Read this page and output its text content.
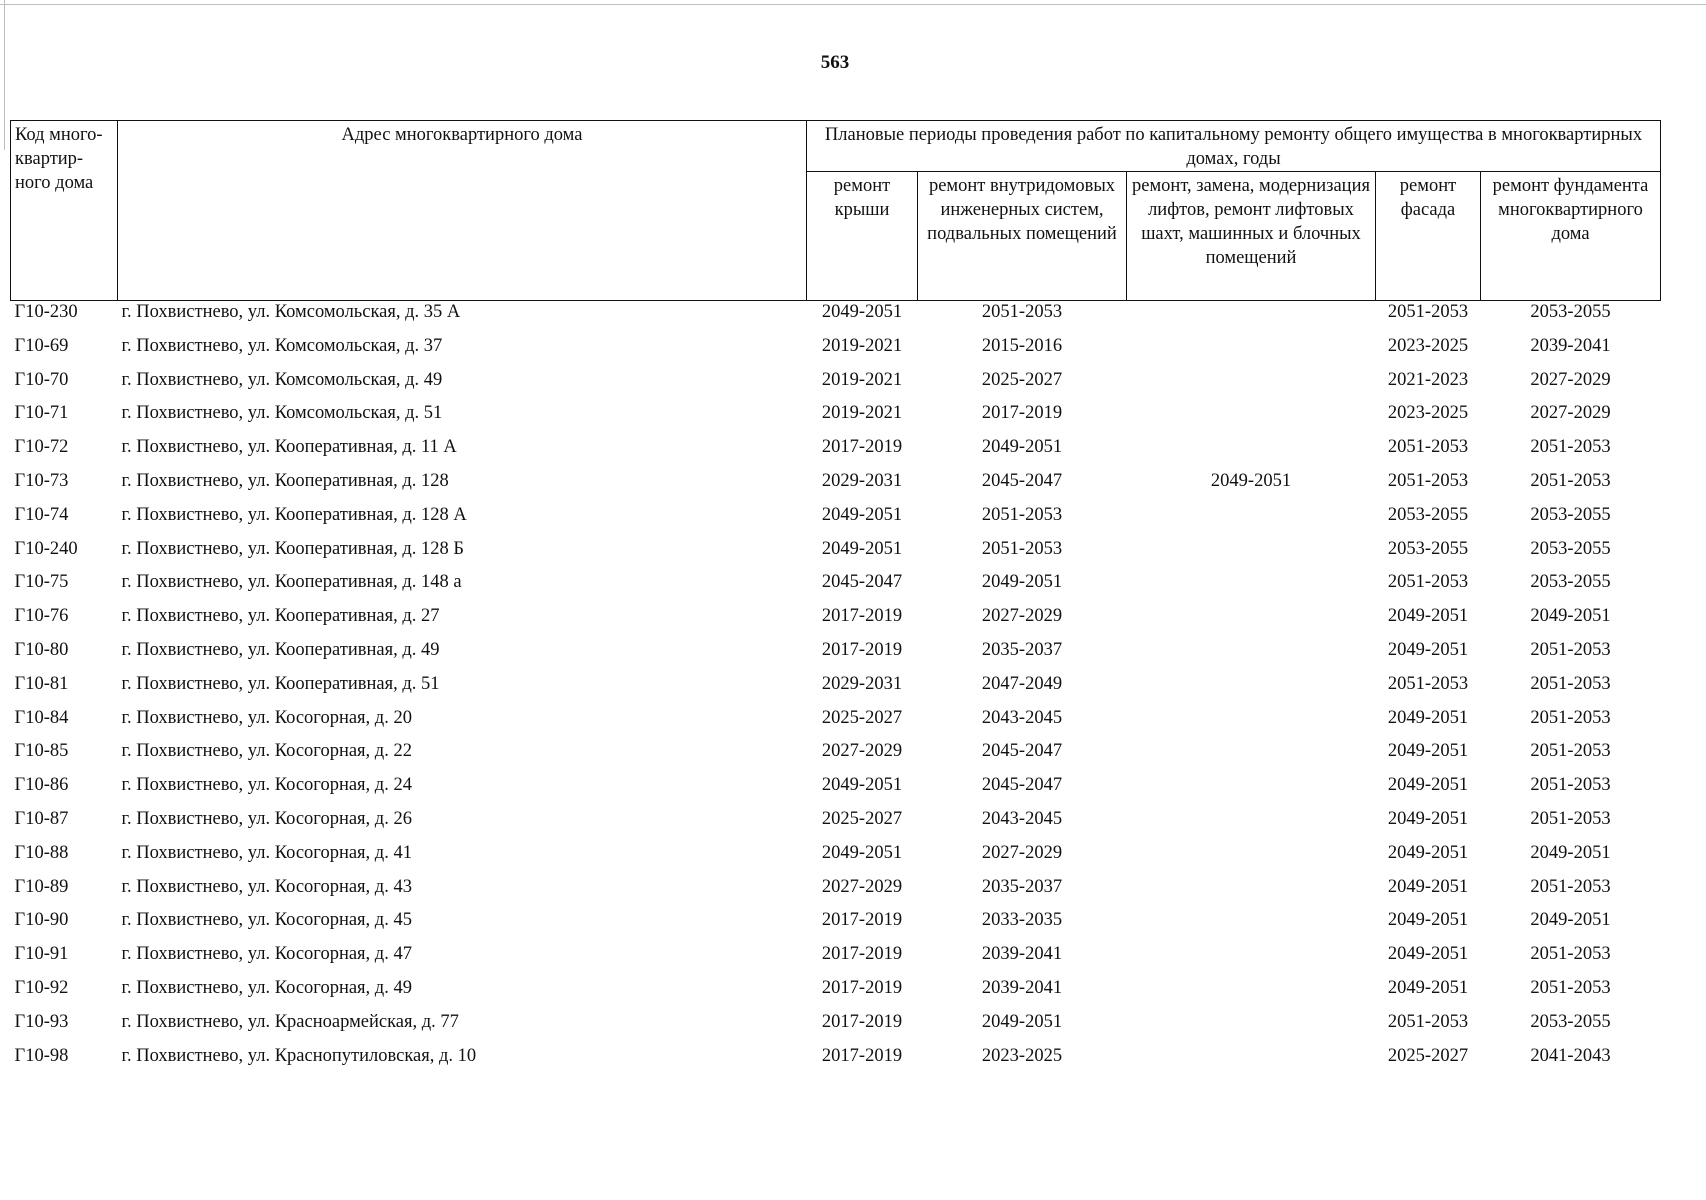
563
Код много-квартир-ного дома	Адрес многоквартирного дома	Плановые периоды проведения работ по капитальному ремонту общего имущества в многоквартирных домах, годы				
		ремонт крыши	ремонт внутридомовых инженерных систем, подвальных помещений	ремонт, замена, модернизация лифтов, ремонт лифтовых шахт, машинных и блочных помещений	ремонт фасада	ремонт фундамента многоквартирного дома
Г10-230	г. Похвистнево, ул. Комсомольская, д. 35 А	2049-2051	2051-2053		2051-2053	2053-2055
Г10-69	г. Похвистнево, ул. Комсомольская, д. 37	2019-2021	2015-2016		2023-2025	2039-2041
Г10-70	г. Похвистнево, ул. Комсомольская, д. 49	2019-2021	2025-2027		2021-2023	2027-2029
Г10-71	г. Похвистнево, ул. Комсомольская, д. 51	2019-2021	2017-2019		2023-2025	2027-2029
Г10-72	г. Похвистнево, ул. Кооперативная, д. 11 А	2017-2019	2049-2051		2051-2053	2051-2053
Г10-73	г. Похвистнево, ул. Кооперативная, д. 128	2029-2031	2045-2047	2049-2051	2051-2053	2051-2053
Г10-74	г. Похвистнево, ул. Кооперативная, д. 128 А	2049-2051	2051-2053		2053-2055	2053-2055
Г10-240	г. Похвистнево, ул. Кооперативная, д. 128 Б	2049-2051	2051-2053		2053-2055	2053-2055
Г10-75	г. Похвистнево, ул. Кооперативная, д. 148 а	2045-2047	2049-2051		2051-2053	2053-2055
Г10-76	г. Похвистнево, ул. Кооперативная, д. 27	2017-2019	2027-2029		2049-2051	2049-2051
Г10-80	г. Похвистнево, ул. Кооперативная, д. 49	2017-2019	2035-2037		2049-2051	2051-2053
Г10-81	г. Похвистнево, ул. Кооперативная, д. 51	2029-2031	2047-2049		2051-2053	2051-2053
Г10-84	г. Похвистнево, ул. Косогорная, д. 20	2025-2027	2043-2045		2049-2051	2051-2053
Г10-85	г. Похвистнево, ул. Косогорная, д. 22	2027-2029	2045-2047		2049-2051	2051-2053
Г10-86	г. Похвистнево, ул. Косогорная, д. 24	2049-2051	2045-2047		2049-2051	2051-2053
Г10-87	г. Похвистнево, ул. Косогорная, д. 26	2025-2027	2043-2045		2049-2051	2051-2053
Г10-88	г. Похвистнево, ул. Косогорная, д. 41	2049-2051	2027-2029		2049-2051	2049-2051
Г10-89	г. Похвистнево, ул. Косогорная, д. 43	2027-2029	2035-2037		2049-2051	2051-2053
Г10-90	г. Похвистнево, ул. Косогорная, д. 45	2017-2019	2033-2035		2049-2051	2049-2051
Г10-91	г. Похвистнево, ул. Косогорная, д. 47	2017-2019	2039-2041		2049-2051	2051-2053
Г10-92	г. Похвистнево, ул. Косогорная, д. 49	2017-2019	2039-2041		2049-2051	2051-2053
Г10-93	г. Похвистнево, ул. Красноармейская, д. 77	2017-2019	2049-2051		2051-2053	2053-2055
Г10-98	г. Похвистнево, ул. Краснопутиловская, д. 10	2017-2019	2023-2025		2025-2027	2041-2043
